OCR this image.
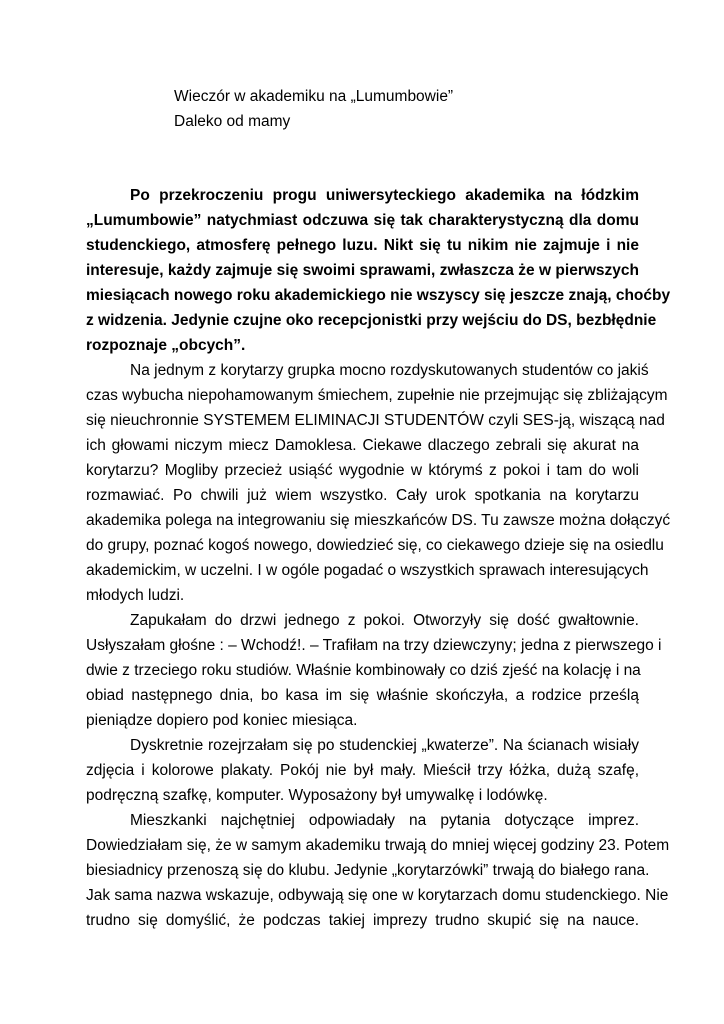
Wieczór w akademiku na „Lumumbowie”
Daleko od mamy
Po przekroczeniu progu uniwersyteckiego akademika na łódzkim
„Lumumbowie” natychmiast odczuwa się tak charakterystyczną dla domu
studenckiego, atmosferę pełnego luzu. Nikt się tu nikim nie zajmuje i nie
interesuje, każdy zajmuje się swoimi sprawami, zwłaszcza że w pierwszych
miesiącach nowego roku akademickiego nie wszyscy się jeszcze znają, choćby
z widzenia. Jedynie czujne oko recepcjonistki przy wejściu do DS, bezbłędnie
rozpoznaje „obcych”.
Na jednym z korytarzy grupka mocno rozdyskutowanych studentów co jakiś
czas wybucha niepohamowanym śmiechem, zupełnie nie przejmując się zbliżającym
się nieuchronnie SYSTEMEM ELIMINACJI STUDENTÓW czyli SES-ją, wiszącą nad
ich głowami niczym miecz Damoklesa. Ciekawe dlaczego zebrali się akurat na
korytarzu? Mogliby przecież usiąść wygodnie w którymś z pokoi i tam do woli
rozmawiać. Po chwili już wiem wszystko. Cały urok spotkania na korytarzu
akademika polega na integrowaniu się mieszkańców DS. Tu zawsze można dołączyć
do grupy, poznać kogoś nowego, dowiedzieć się, co ciekawego dzieje się na osiedlu
akademickim, w uczelni. I w ogóle pogadać o wszystkich sprawach interesujących
młodych ludzi.
Zapukałam do drzwi jednego z pokoi. Otworzyły się dość gwałtownie.
Usłyszałam głośne : – Wchodź!. – Trafiłam na trzy dziewczyny; jedna z pierwszego i
dwie z trzeciego roku studiów. Właśnie kombinowały co dziś zjeść na kolację i na
obiad następnego dnia, bo kasa im się właśnie skończyła, a rodzice prześlą
pieniądze dopiero pod koniec miesiąca.
Dyskretnie rozejrzałam się po studenckiej „kwaterze”. Na ścianach wisiały
zdjęcia i kolorowe plakaty. Pokój nie był mały. Mieścił trzy łóżka, dużą szafę,
podręczną szafkę, komputer. Wyposażony był umywalkę i lodówkę.
Mieszkanki najchętniej odpowiadały na pytania dotyczące imprez.
Dowiedziałam się, że w samym akademiku trwają do mniej więcej godziny 23. Potem
biesiadnicy przenoszą się do klubu. Jedynie „korytarzówki” trwają do białego rana.
Jak sama nazwa wskazuje, odbywają się one w korytarzach domu studenckiego. Nie
trudno się domyślić, że podczas takiej imprezy trudno skupić się na nauce.
